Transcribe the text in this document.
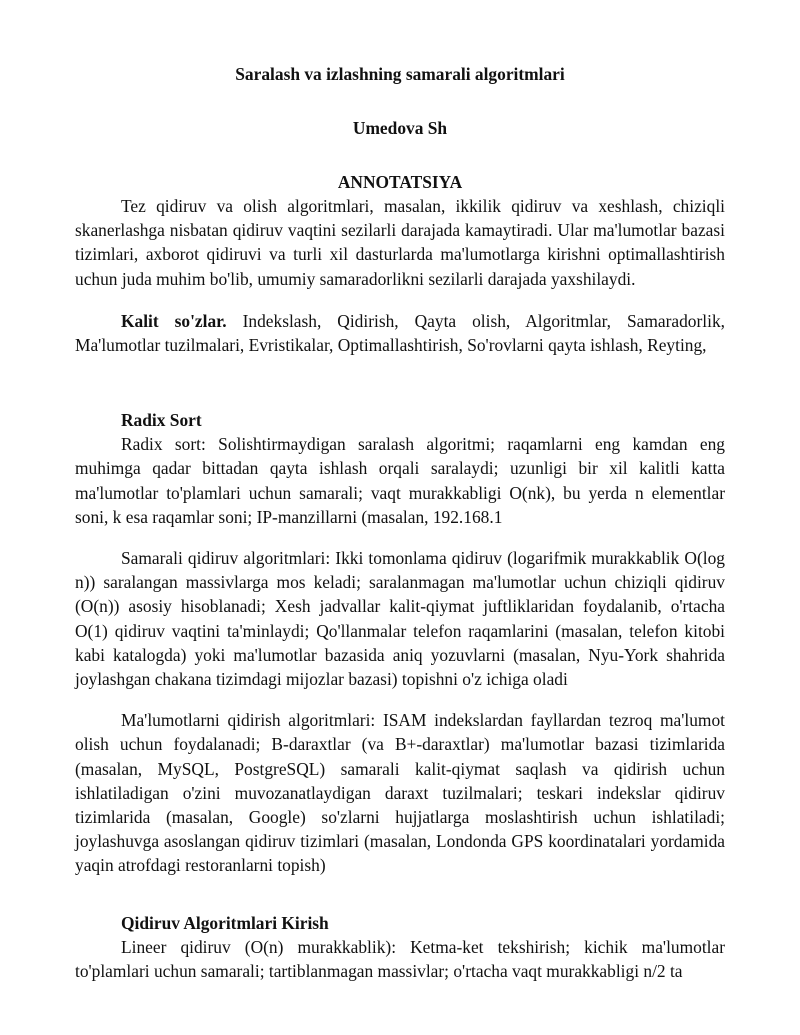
Saralash va izlashning samarali algoritmlari

Umedova Sh

ANNOTATSIYA

Tez qidiruv va olish algoritmlari, masalan, ikkilik qidiruv va xeshlash, chiziqli skanerlashga nisbatan qidiruv vaqtini sezilarli darajada kamaytiradi. Ular ma'lumotlar bazasi tizimlari, axborot qidiruvi va turli xil dasturlarda ma'lumotlarga kirishni optimallashtirish uchun juda muhim bo'lib, umumiy samaradorlikni sezilarli darajada yaxshilaydi.

Kalit so'zlar. Indekslash, Qidirish, Qayta olish, Algoritmlar, Samaradorlik, Ma'lumotlar tuzilmalari, Evristikalar, Optimallashtirish, So'rovlarni qayta ishlash, Reyting,

Radix Sort

Radix sort: Solishtirmaydigan saralash algoritmi; raqamlarni eng kamdan eng muhimga qadar bittadan qayta ishlash orqali saralaydi; uzunligi bir xil kalitli katta ma'lumotlar to'plamlari uchun samarali; vaqt murakkabligi O(nk), bu yerda n elementlar soni, k esa raqamlar soni; IP-manzillarni (masalan, 192.168.1

Samarali qidiruv algoritmlari: Ikki tomonlama qidiruv (logarifmik murakkablik O(log n)) saralangan massivlarga mos keladi; saralanmagan ma'lumotlar uchun chiziqli qidiruv (O(n)) asosiy hisoblanadi; Xesh jadvallar kalit-qiymat juftliklaridan foydalanib, o'rtacha O(1) qidiruv vaqtini ta'minlaydi; Qo'llanmalar telefon raqamlarini (masalan, telefon kitobi kabi katalogda) yoki ma'lumotlar bazasida aniq yozuvlarni (masalan, Nyu-York shahrida joylashgan chakana tizimdagi mijozlar bazasi) topishni o'z ichiga oladi

Ma'lumotlarni qidirish algoritmlari: ISAM indekslardan fayllardan tezroq ma'lumot olish uchun foydalanadi; B-daraxtlar (va B+-daraxtlar) ma'lumotlar bazasi tizimlarida (masalan, MySQL, PostgreSQL) samarali kalit-qiymat saqlash va qidirish uchun ishlatiladigan o'zini muvozanatlaydigan daraxt tuzilmalari; teskari indekslar qidiruv tizimlarida (masalan, Google) so'zlarni hujjatlarga moslashtirish uchun ishlatiladi; joylashuvga asoslangan qidiruv tizimlari (masalan, Londonda GPS koordinatalari yordamida yaqin atrofdagi restoranlarni topish)

Qidiruv Algoritmlari Kirish

Lineer qidiruv (O(n) murakkablik): Ketma-ket tekshirish; kichik ma'lumotlar to'plamlari uchun samarali; tartiblanmagan massivlar; o'rtacha vaqt murakkabligi n/2 ta
